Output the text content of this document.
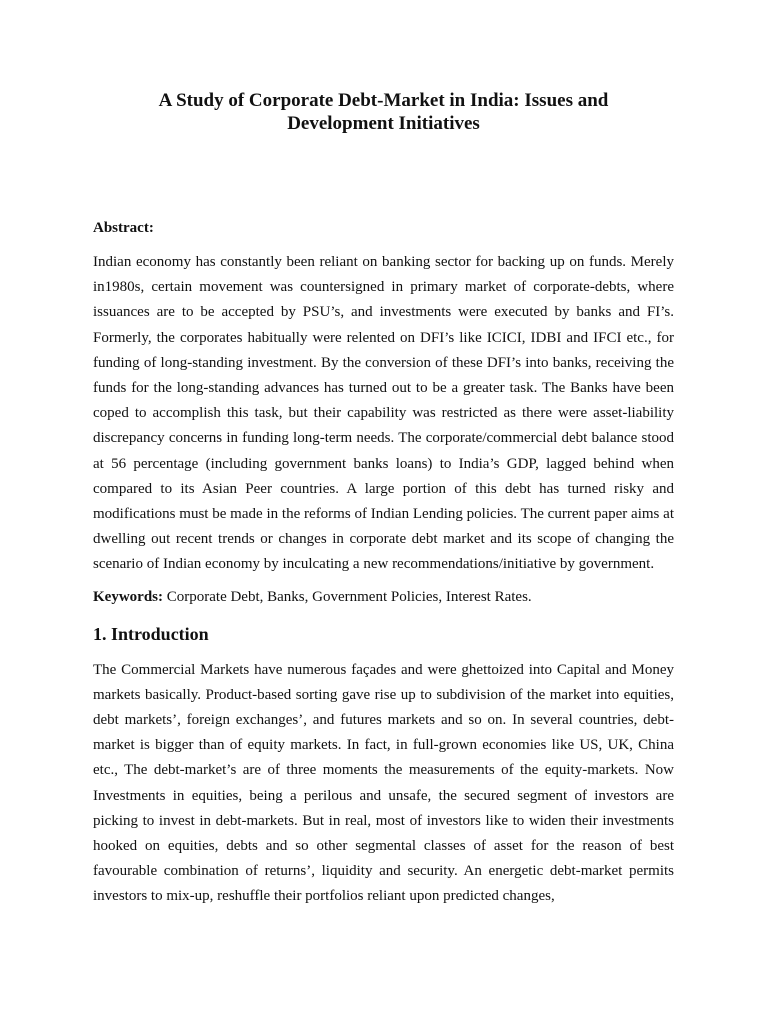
A Study of Corporate Debt-Market in India: Issues and
Development Initiatives
Abstract:

Indian economy has constantly been reliant on banking sector for backing up on funds. Merely in1980s, certain movement was countersigned in primary market of corporate-debts, where issuances are to be accepted by PSU’s, and investments were executed by banks and FI’s. Formerly, the corporates habitually were relented on DFI’s like ICICI, IDBI and IFCI etc., for funding of long-standing investment. By the conversion of these DFI’s into banks, receiving the funds for the long-standing advances has turned out to be a greater task. The Banks have been coped to accomplish this task, but their capability was restricted as there were asset-liability discrepancy concerns in funding long-term needs. The corporate/commercial debt balance stood at 56 percentage (including government banks loans) to India’s GDP, lagged behind when compared to its Asian Peer countries. A large portion of this debt has turned risky and modifications must be made in the reforms of Indian Lending policies. The current paper aims at dwelling out recent trends or changes in corporate debt market and its scope of changing the scenario of Indian economy by inculcating a new recommendations/initiative by government.

Keywords: Corporate Debt, Banks, Government Policies, Interest Rates.
1. Introduction

The Commercial Markets have numerous façades and were ghettoized into Capital and Money markets basically. Product-based sorting gave rise up to subdivision of the market into equities, debt markets’, foreign exchanges’, and futures markets and so on. In several countries, debt-market is bigger than of equity markets. In fact, in full-grown economies like US, UK, China etc., The debt-market’s are of three moments the measurements of the equity-markets. Now Investments in equities, being a perilous and unsafe, the secured segment of investors are picking to invest in debt-markets. But in real, most of investors like to widen their investments hooked on equities, debts and so other segmental classes of asset for the reason of best favourable combination of returns’, liquidity and security. An energetic debt-market permits investors to mix-up, reshuffle their portfolios reliant upon predicted changes,
